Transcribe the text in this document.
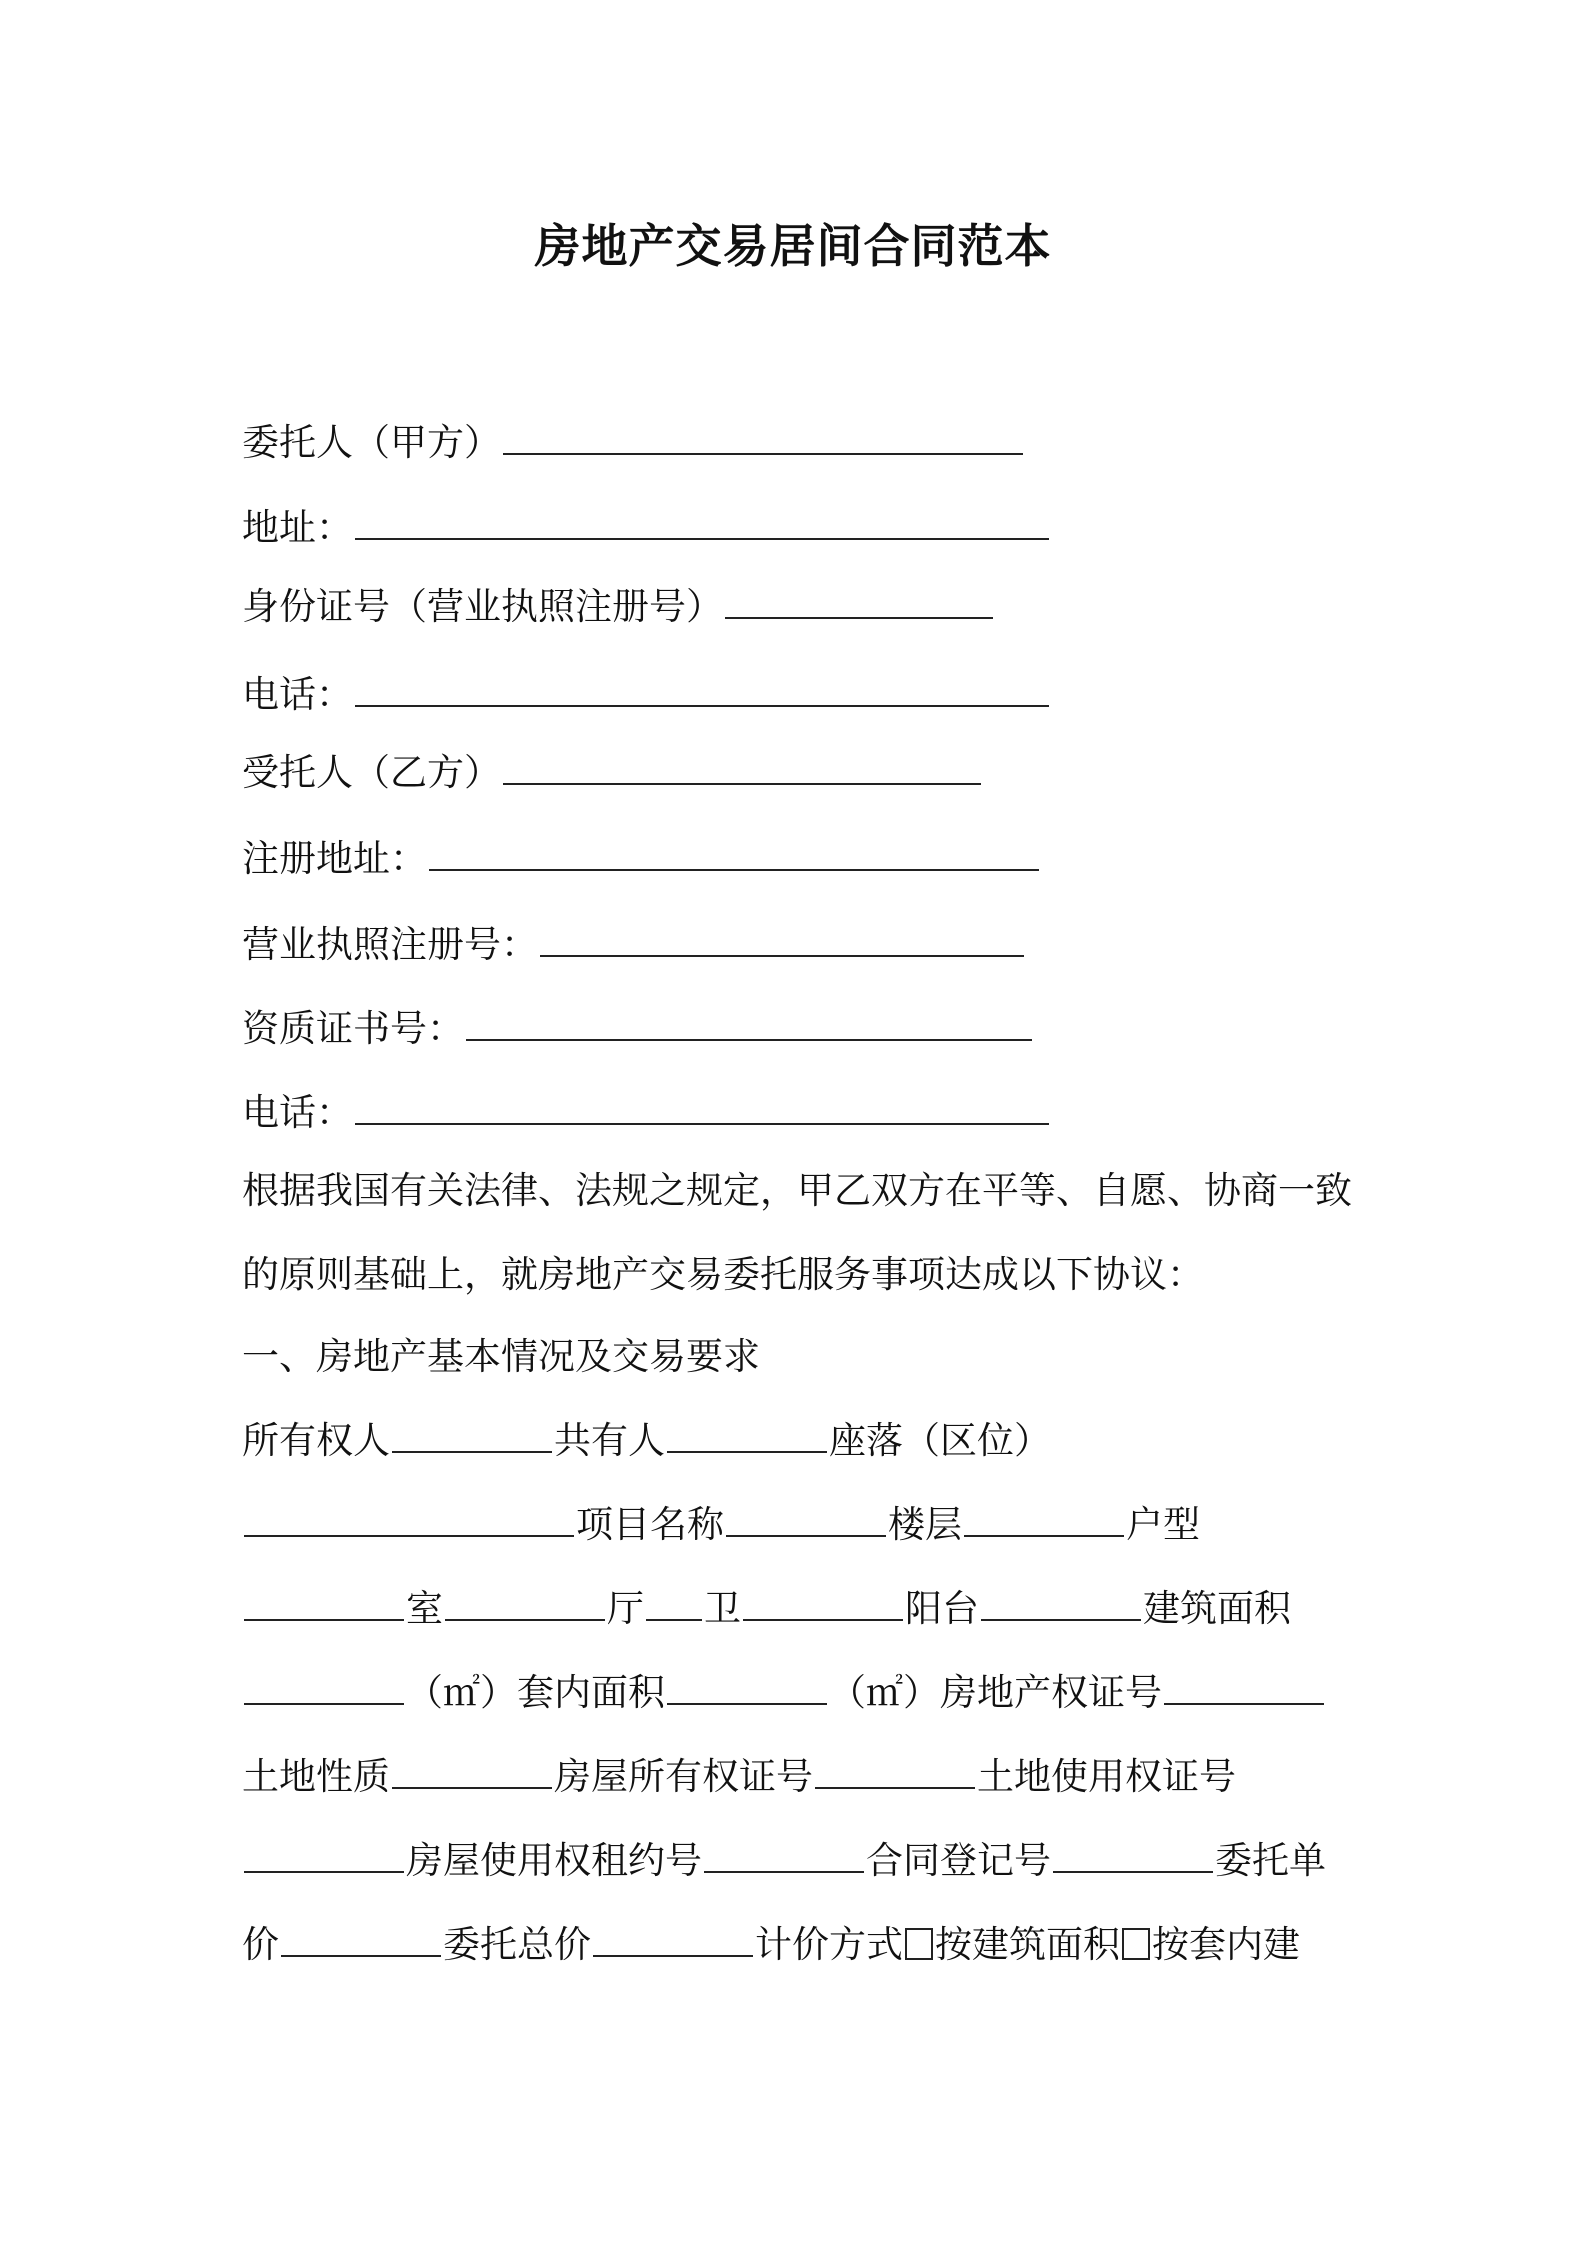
房地产交易居间合同范本
委托人（甲方）
地址：
身份证号（营业执照注册号）
电话：
受托人（乙方）
注册地址：
营业执照注册号：
资质证书号：
电话：
根据我国有关法律、法规之规定，甲乙双方在平等、自愿、协商一致
的原则基础上，就房地产交易委托服务事项达成以下协议：
一、房地产基本情况及交易要求
所有权人	共有人	座落（区位）
项目名称	楼层	户型
室	厅 卫	阳台	建筑面积
（㎡）套内面积	（㎡）房地产权证号
土地性质	房屋所有权证号	土地使用权证号
房屋使用权租约号	合同登记号	委托单
价	委托总价	计价方式 按建筑面积 按套内建
